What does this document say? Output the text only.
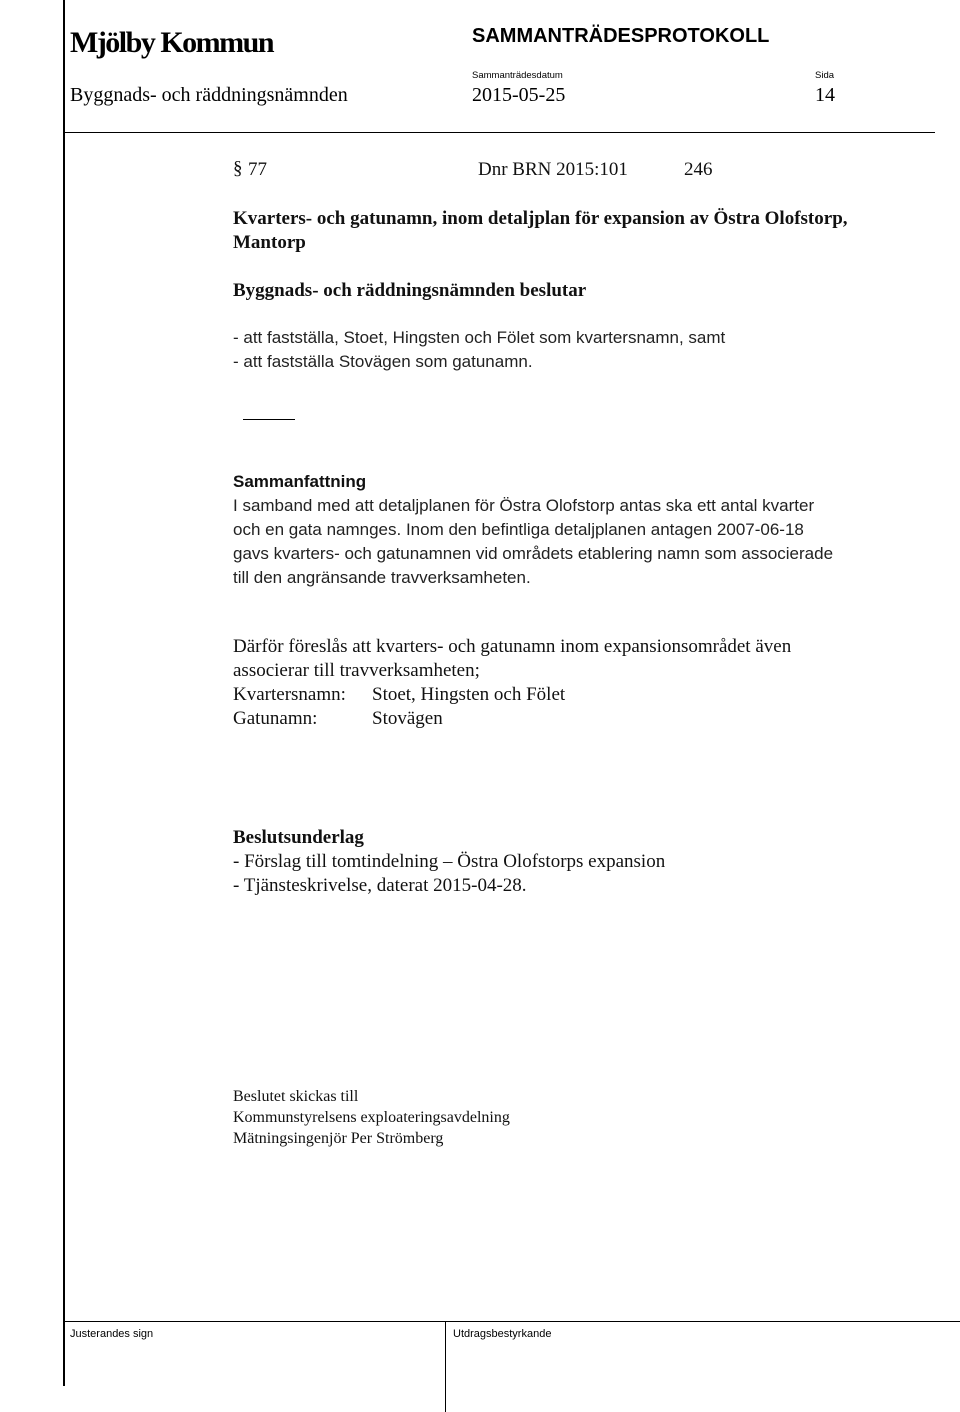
Mjölby Kommun	SAMMANTRÄDESPROTOKOLL
Sammanträdesdatum	Sida
Byggnads- och räddningsnämnden	2015-05-25	14
§ 77	Dnr BRN 2015:101	246
Kvarters- och gatunamn, inom detaljplan för expansion av Östra Olofstorp,
Mantorp
Byggnads- och räddningsnämnden beslutar
- att fastställa, Stoet, Hingsten och Fölet som kvartersnamn, samt
- att fastställa Stovägen som gatunamn.
Sammanfattning
I samband med att detaljplanen för Östra Olofstorp antas ska ett antal kvarter
och en gata namnges. Inom den befintliga detaljplanen antagen 2007-06-18
gavs kvarters- och gatunamnen vid områdets etablering namn som associerade
till den angränsande travverksamheten.
Därför föreslås att kvarters- och gatunamn inom expansionsområdet även
associerar till travverksamheten;
Kvartersnamn: Stoet, Hingsten och Fölet
Gatunamn:	Stovägen
Beslutsunderlag
- Förslag till tomtindelning – Östra Olofstorps expansion
- Tjänsteskrivelse, daterat 2015-04-28.
Beslutet skickas till
Kommunstyrelsens exploateringsavdelning
Mätningsingenjör Per Strömberg
Justerandes sign	Utdragsbestyrkande
